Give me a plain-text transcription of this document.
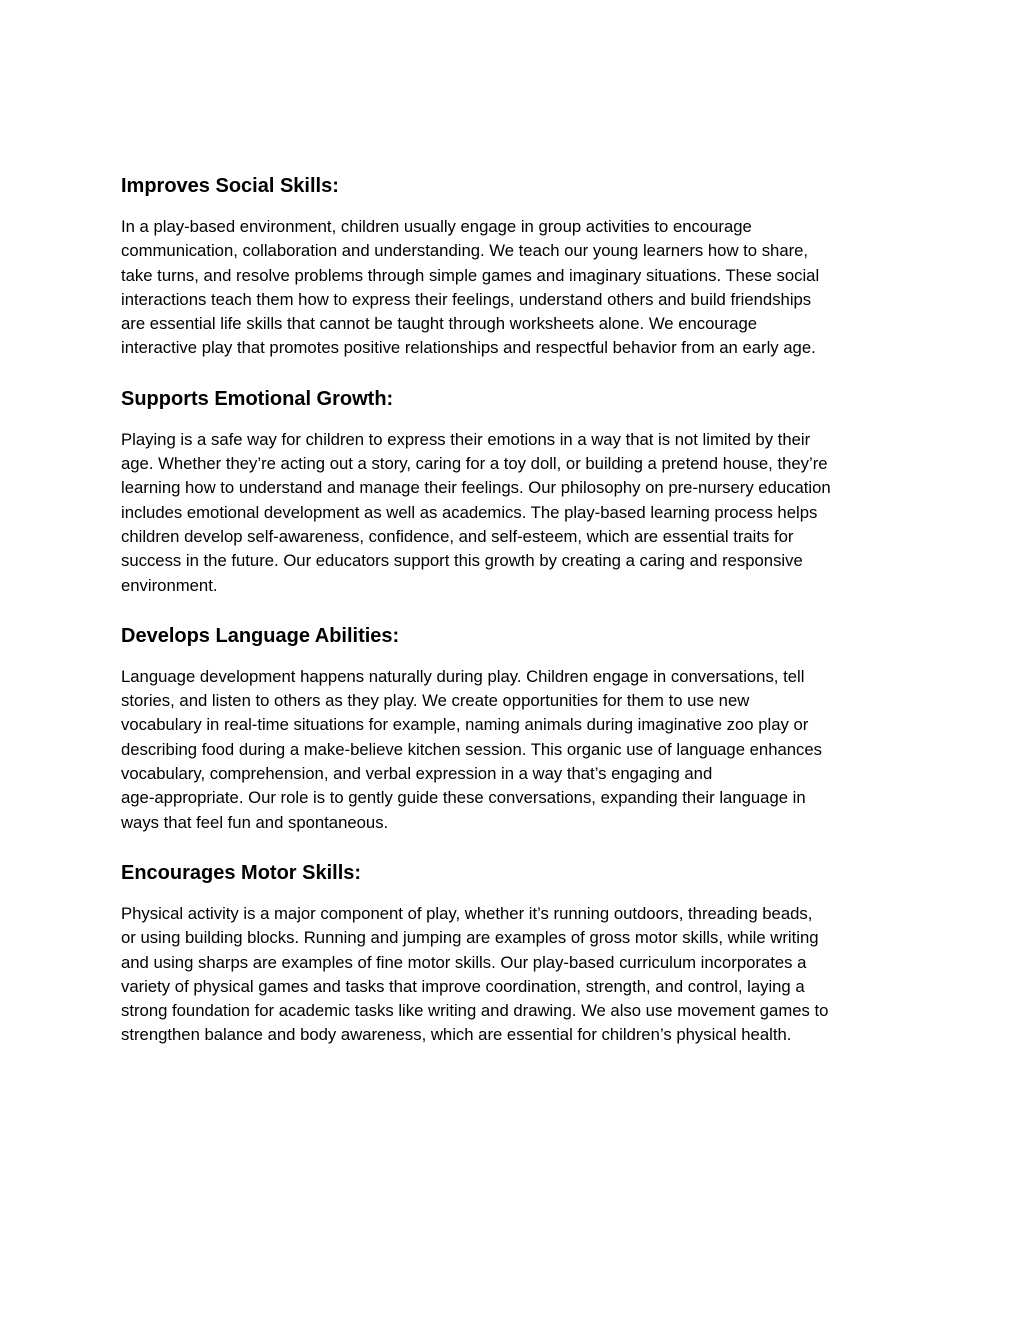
Improves Social Skills:

In a play-based environment, children usually engage in group activities to encourage
communication, collaboration and understanding. We teach our young learners how to share,
take turns, and resolve problems through simple games and imaginary situations. These social
interactions teach them how to express their feelings, understand others and build friendships
are essential life skills that cannot be taught through worksheets alone. We encourage
interactive play that promotes positive relationships and respectful behavior from an early age.

Supports Emotional Growth:

Playing is a safe way for children to express their emotions in a way that is not limited by their
age. Whether they’re acting out a story, caring for a toy doll, or building a pretend house, they’re
learning how to understand and manage their feelings. Our philosophy on pre-nursery education
includes emotional development as well as academics. The play-based learning process helps
children develop self-awareness, confidence, and self-esteem, which are essential traits for
success in the future. Our educators support this growth by creating a caring and responsive
environment.

Develops Language Abilities:

Language development happens naturally during play. Children engage in conversations, tell
stories, and listen to others as they play. We create opportunities for them to use new
vocabulary in real-time situations for example, naming animals during imaginative zoo play or
describing food during a make-believe kitchen session. This organic use of language enhances
vocabulary, comprehension, and verbal expression in a way that’s engaging and
age-appropriate. Our role is to gently guide these conversations, expanding their language in
ways that feel fun and spontaneous.

Encourages Motor Skills:

Physical activity is a major component of play, whether it’s running outdoors, threading beads,
or using building blocks. Running and jumping are examples of gross motor skills, while writing
and using sharps are examples of fine motor skills. Our play-based curriculum incorporates a
variety of physical games and tasks that improve coordination, strength, and control, laying a
strong foundation for academic tasks like writing and drawing. We also use movement games to
strengthen balance and body awareness, which are essential for children’s physical health.
